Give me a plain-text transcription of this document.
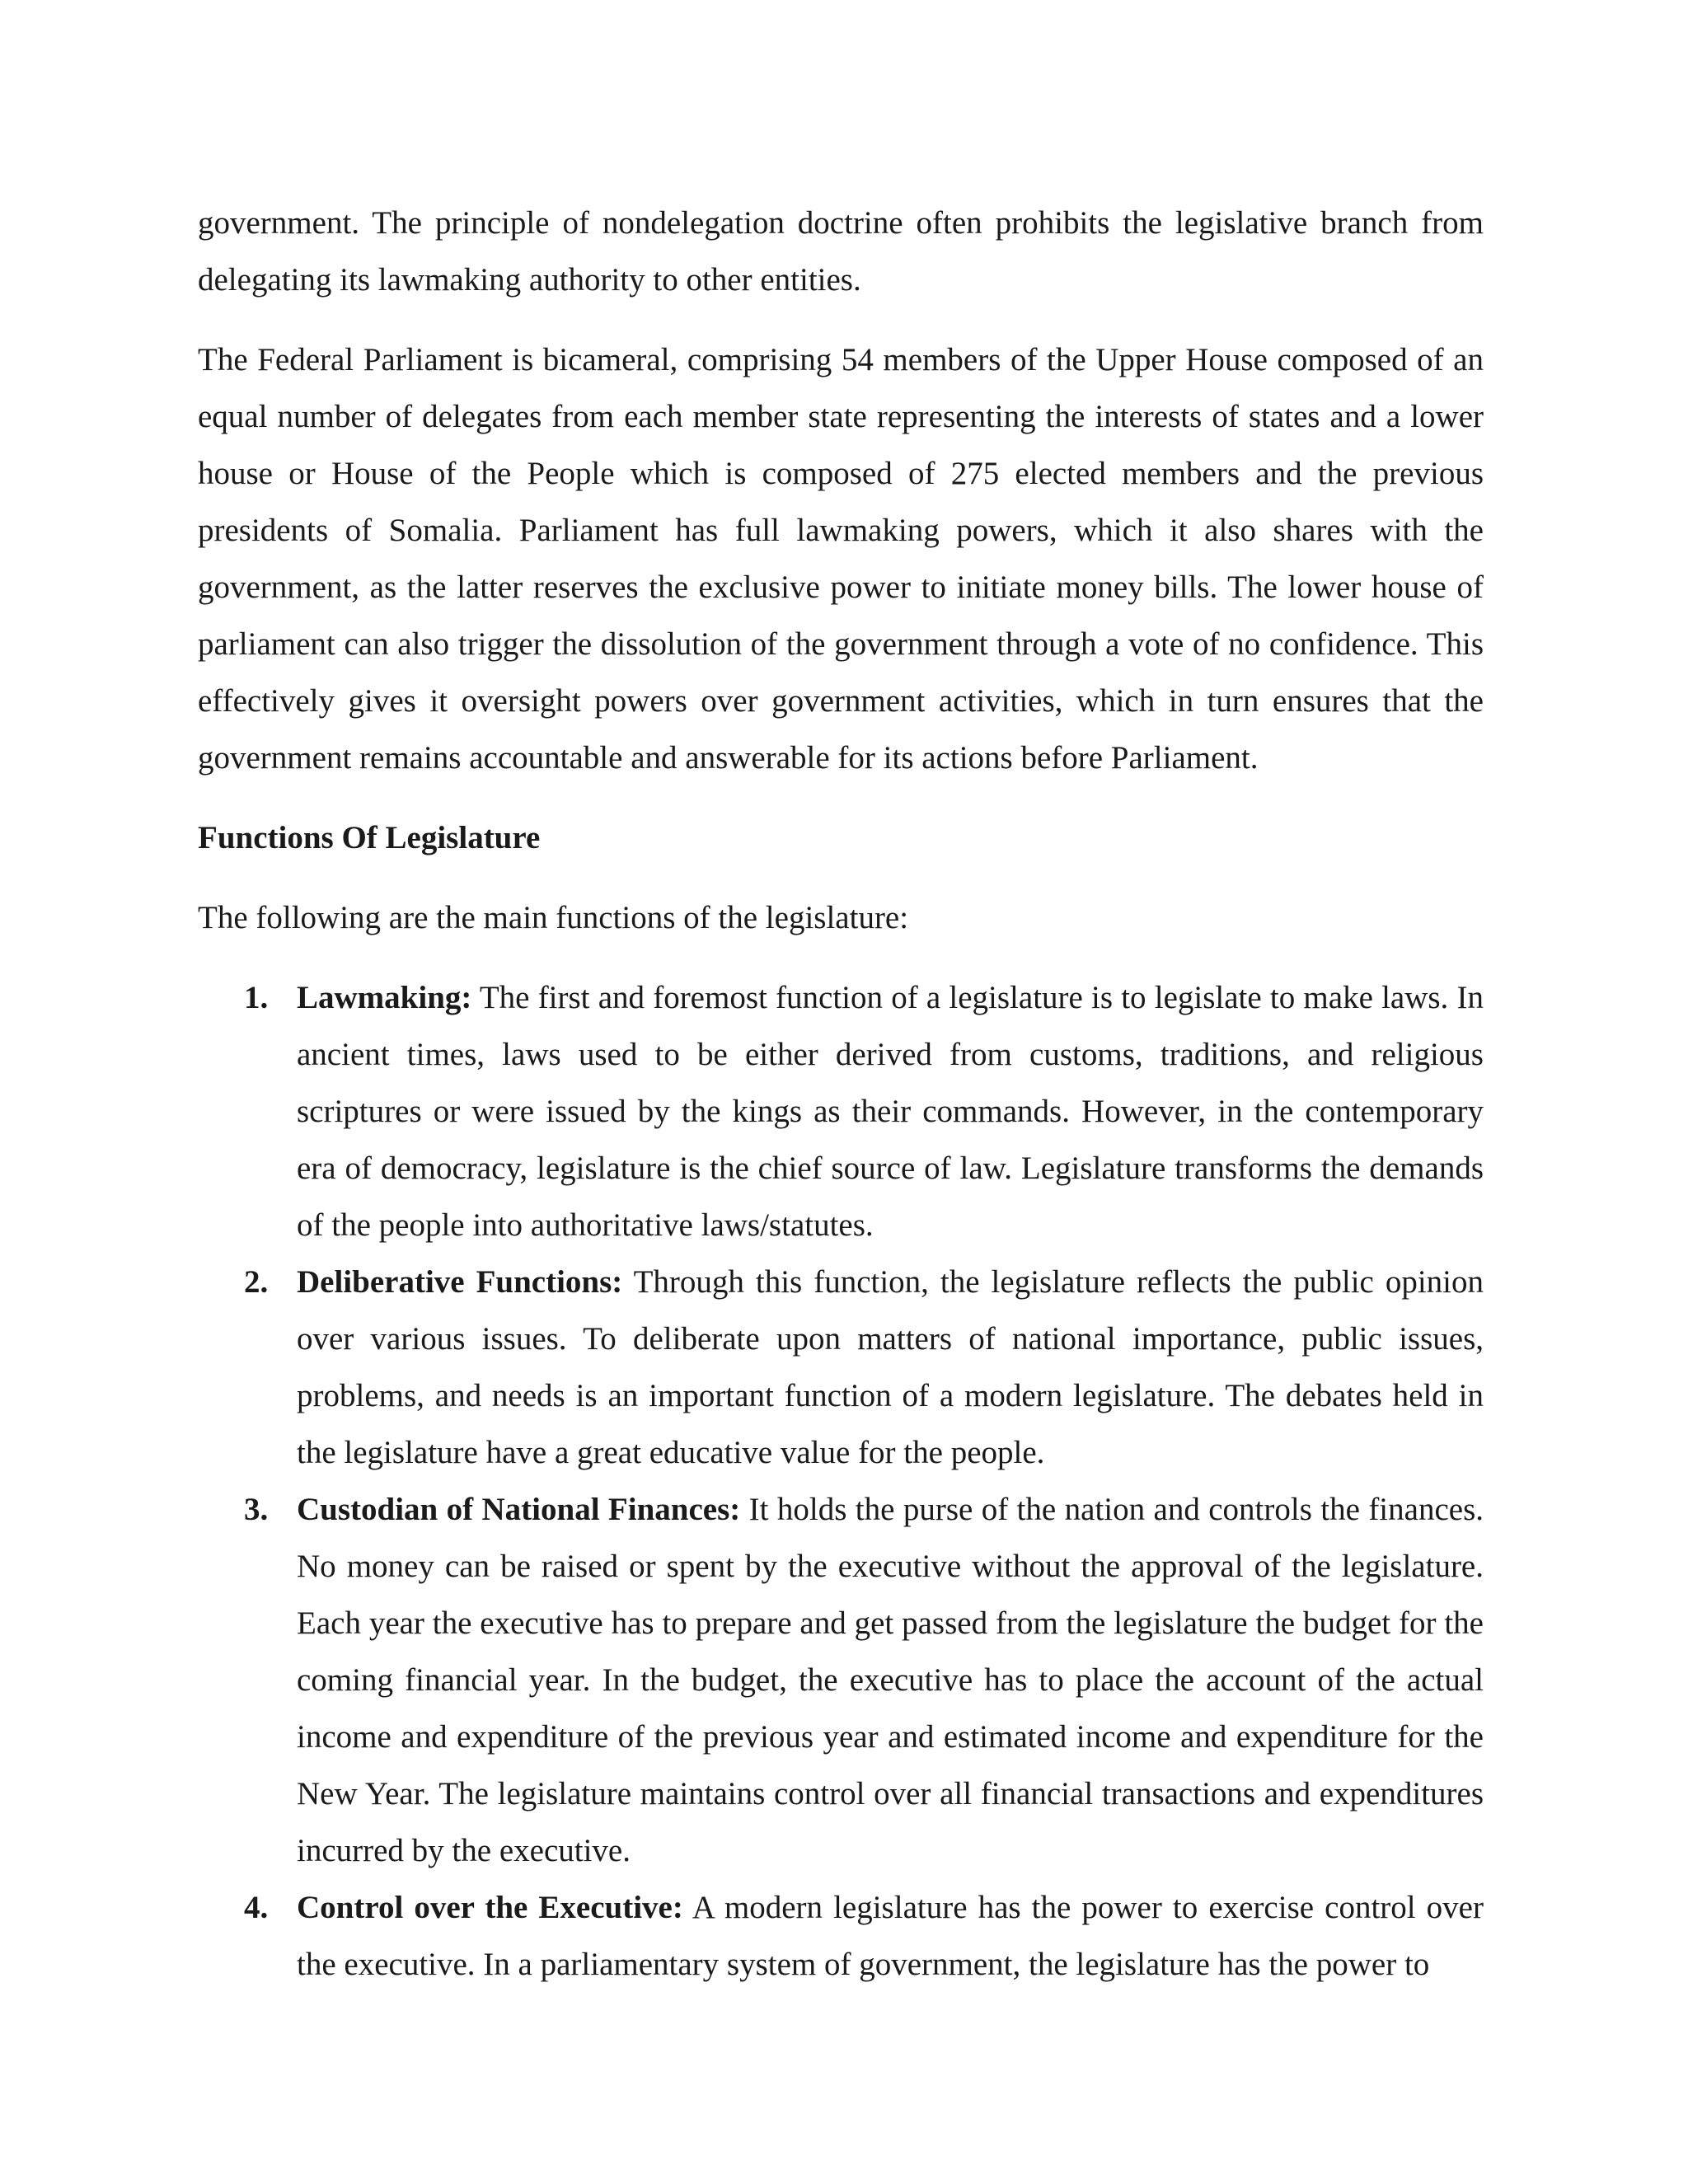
government. The principle of nondelegation doctrine often prohibits the legislative branch from delegating its lawmaking authority to other entities.

The Federal Parliament is bicameral, comprising 54 members of the Upper House composed of an equal number of delegates from each member state representing the interests of states and a lower house or House of the People which is composed of 275 elected members and the previous presidents of Somalia. Parliament has full lawmaking powers, which it also shares with the government, as the latter reserves the exclusive power to initiate money bills. The lower house of parliament can also trigger the dissolution of the government through a vote of no confidence. This effectively gives it oversight powers over government activities, which in turn ensures that the government remains accountable and answerable for its actions before Parliament.

Functions Of Legislature

The following are the main functions of the legislature:

1. Lawmaking: The first and foremost function of a legislature is to legislate to make laws. In ancient times, laws used to be either derived from customs, traditions, and religious scriptures or were issued by the kings as their commands. However, in the contemporary era of democracy, legislature is the chief source of law. Legislature transforms the demands of the people into authoritative laws/statutes.
2. Deliberative Functions: Through this function, the legislature reflects the public opinion over various issues. To deliberate upon matters of national importance, public issues, problems, and needs is an important function of a modern legislature. The debates held in the legislature have a great educative value for the people.
3. Custodian of National Finances: It holds the purse of the nation and controls the finances. No money can be raised or spent by the executive without the approval of the legislature. Each year the executive has to prepare and get passed from the legislature the budget for the coming financial year. In the budget, the executive has to place the account of the actual income and expenditure of the previous year and estimated income and expenditure for the New Year. The legislature maintains control over all financial transactions and expenditures incurred by the executive.
4. Control over the Executive: A modern legislature has the power to exercise control over the executive. In a parliamentary system of government, the legislature has the power to
